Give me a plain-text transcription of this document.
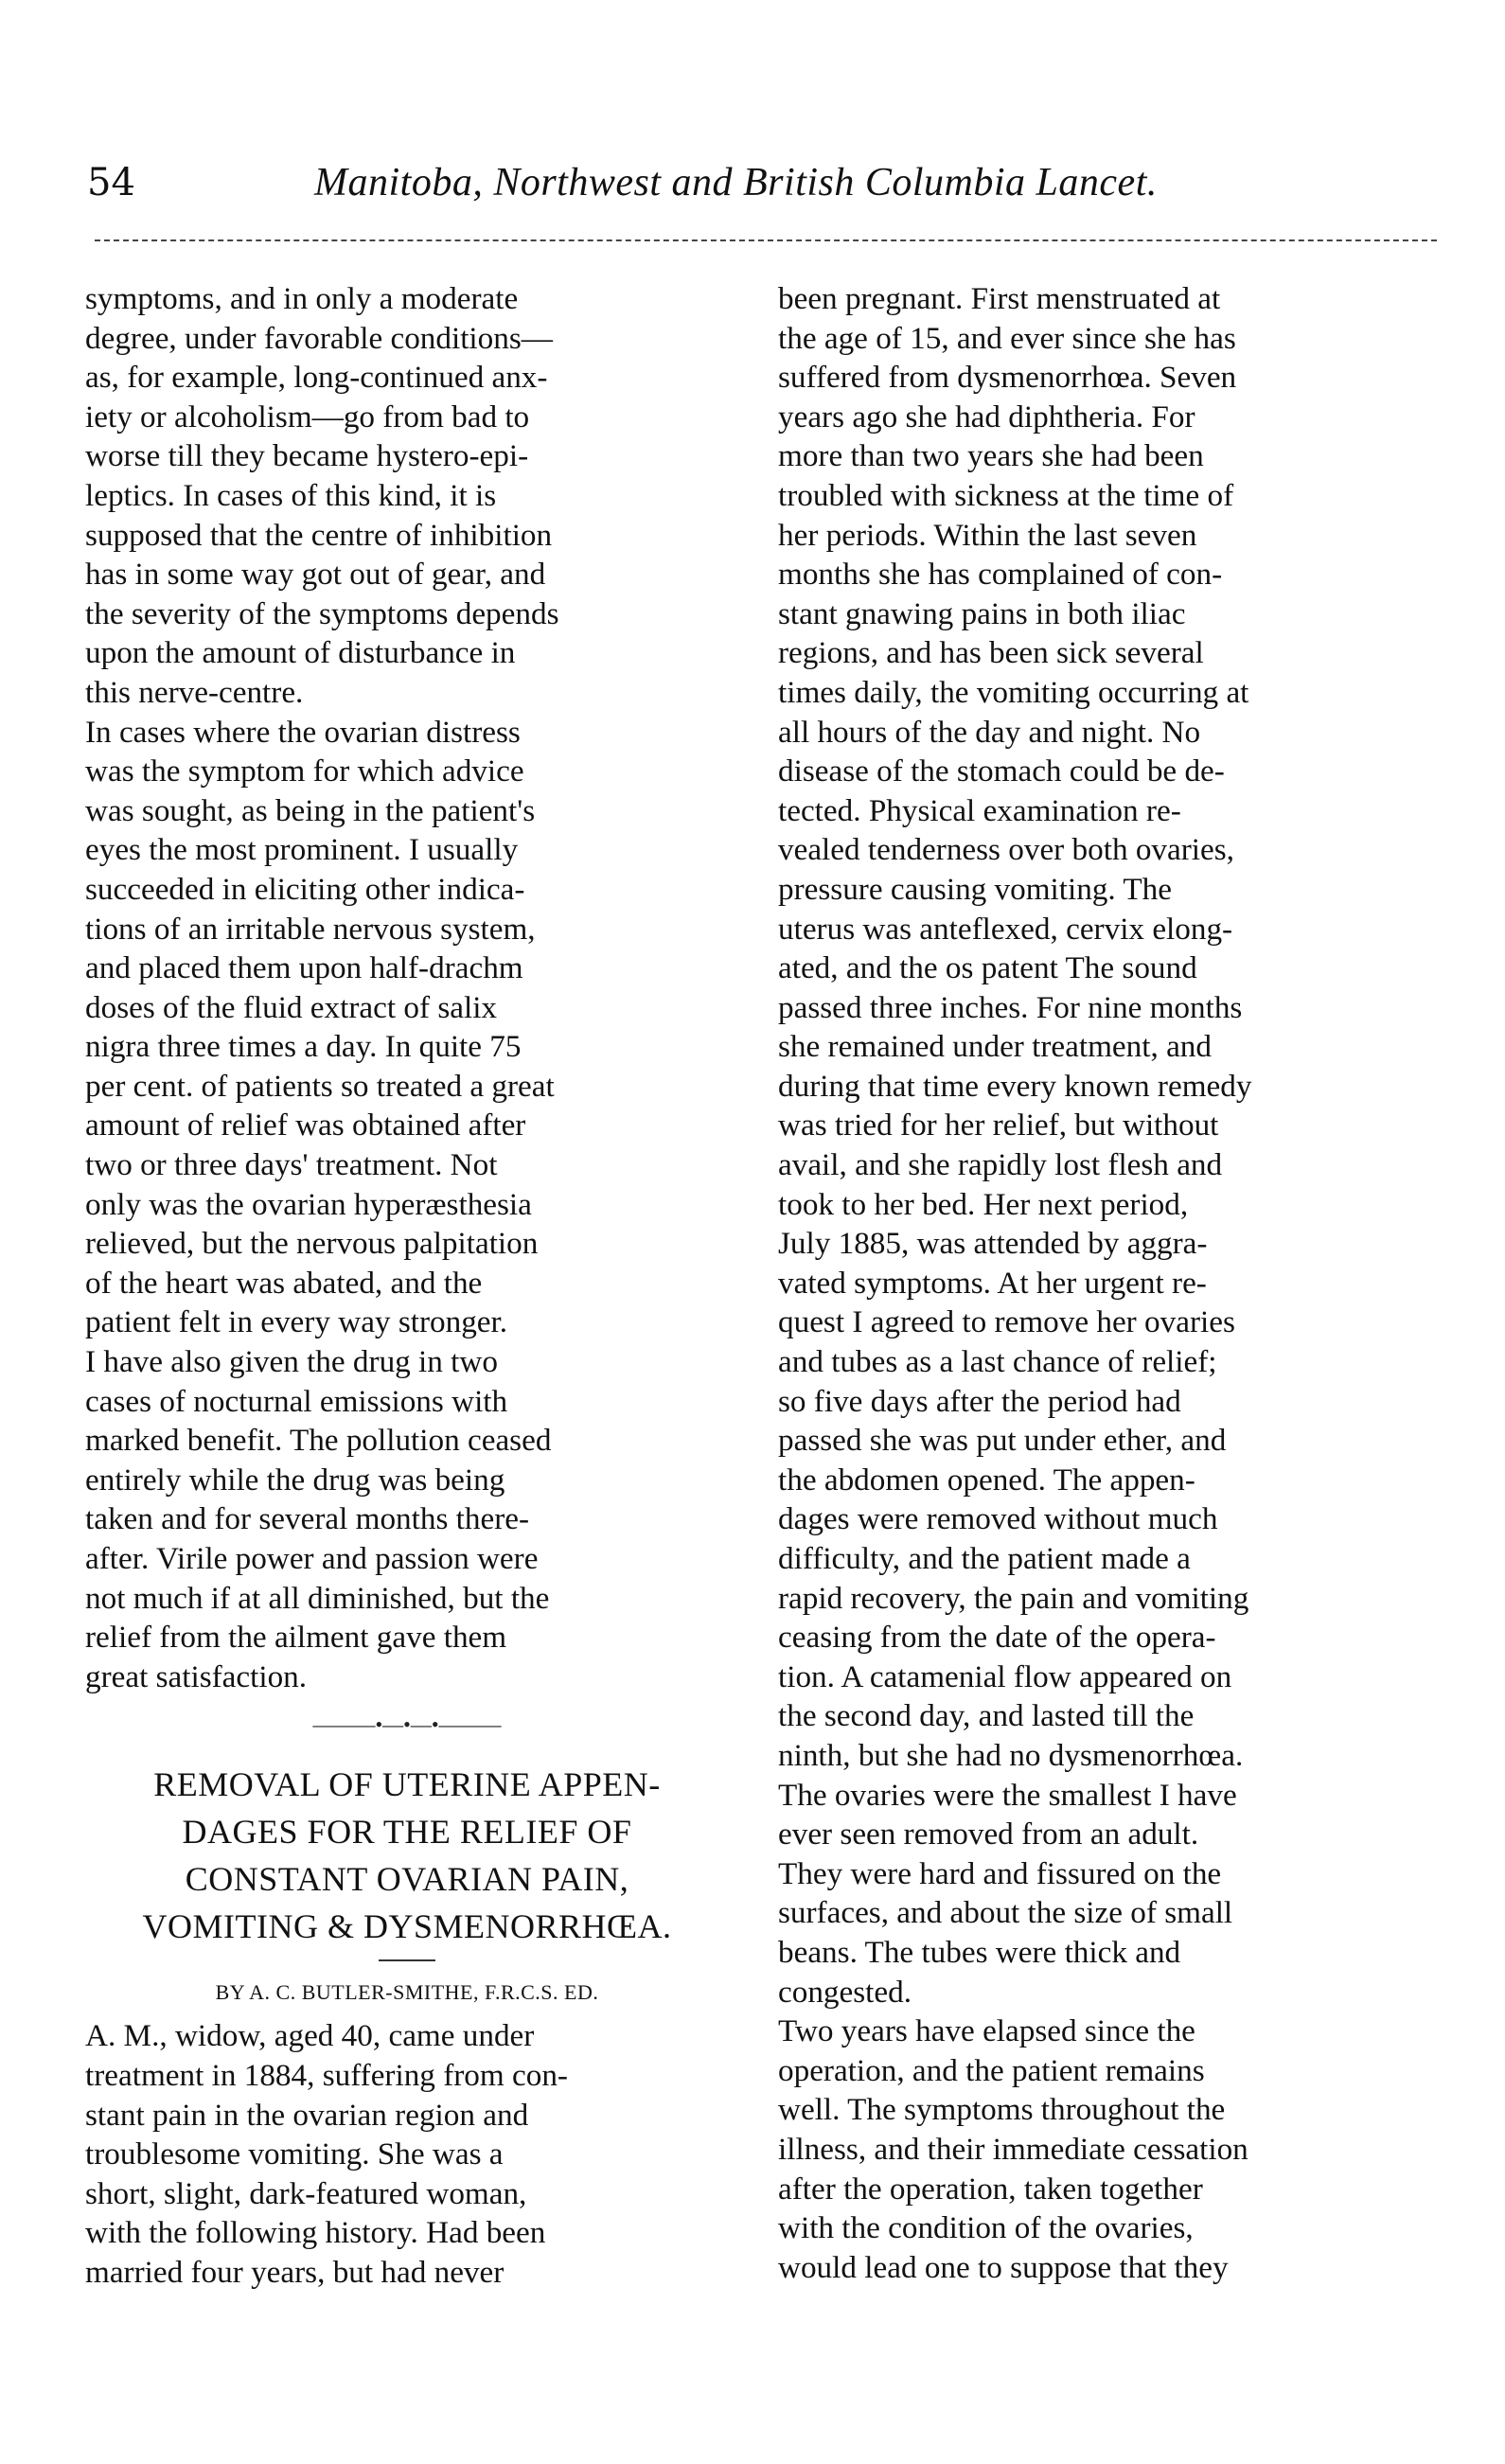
54	Manitoba, Northwest and British Columbia Lancet.
symptoms, and in only a moderate
degree, under favorable conditions—
as, for example, long-continued anx-
iety or alcoholism—go from bad to
worse till they became hystero-epi-
leptics. In cases of this kind, it is
supposed that the centre of inhibition
has in some way got out of gear, and
the severity of the symptoms depends
upon the amount of disturbance in
this nerve-centre.
In cases where the ovarian distress
was the symptom for which advice
was sought, as being in the patient's
eyes the most prominent. I usually
succeeded in eliciting other indica-
tions of an irritable nervous system,
and placed them upon half-drachm
doses of the fluid extract of salix
nigra three times a day. In quite 75
per cent. of patients so treated a great
amount of relief was obtained after
two or three days' treatment. Not
only was the ovarian hyperæsthesia
relieved, but the nervous palpitation
of the heart was abated, and the
patient felt in every way stronger.
I have also given the drug in two
cases of nocturnal emissions with
marked benefit. The pollution ceased
entirely while the drug was being
taken and for several months there-
after. Virile power and passion were
not much if at all diminished, but the
relief from the ailment gave them
great satisfaction.
———•—•—•———
REMOVAL OF UTERINE APPEN-
DAGES FOR THE RELIEF OF
CONSTANT OVARIAN PAIN,
VOMITING & DYSMENORRHŒA.
BY A. C. BUTLER-SMITHE, F.R.C.S. ED.
A. M., widow, aged 40, came under
treatment in 1884, suffering from con-
stant pain in the ovarian region and
troublesome vomiting. She was a
short, slight, dark-featured woman,
with the following history. Had been
married four years, but had never
been pregnant. First menstruated at
the age of 15, and ever since she has
suffered from dysmenorrhœa. Seven
years ago she had diphtheria. For
more than two years she had been
troubled with sickness at the time of
her periods. Within the last seven
months she has complained of con-
stant gnawing pains in both iliac
regions, and has been sick several
times daily, the vomiting occurring at
all hours of the day and night. No
disease of the stomach could be de-
tected. Physical examination re-
vealed tenderness over both ovaries,
pressure causing vomiting. The
uterus was anteflexed, cervix elong-
ated, and the os patent The sound
passed three inches. For nine months
she remained under treatment, and
during that time every known remedy
was tried for her relief, but without
avail, and she rapidly lost flesh and
took to her bed. Her next period,
July 1885, was attended by aggra-
vated symptoms. At her urgent re-
quest I agreed to remove her ovaries
and tubes as a last chance of relief;
so five days after the period had
passed she was put under ether, and
the abdomen opened. The appen-
dages were removed without much
difficulty, and the patient made a
rapid recovery, the pain and vomiting
ceasing from the date of the opera-
tion. A catamenial flow appeared on
the second day, and lasted till the
ninth, but she had no dysmenorrhœa.
The ovaries were the smallest I have
ever seen removed from an adult.
They were hard and fissured on the
surfaces, and about the size of small
beans. The tubes were thick and
congested.
Two years have elapsed since the
operation, and the patient remains
well. The symptoms throughout the
illness, and their immediate cessation
after the operation, taken together
with the condition of the ovaries,
would lead one to suppose that they
